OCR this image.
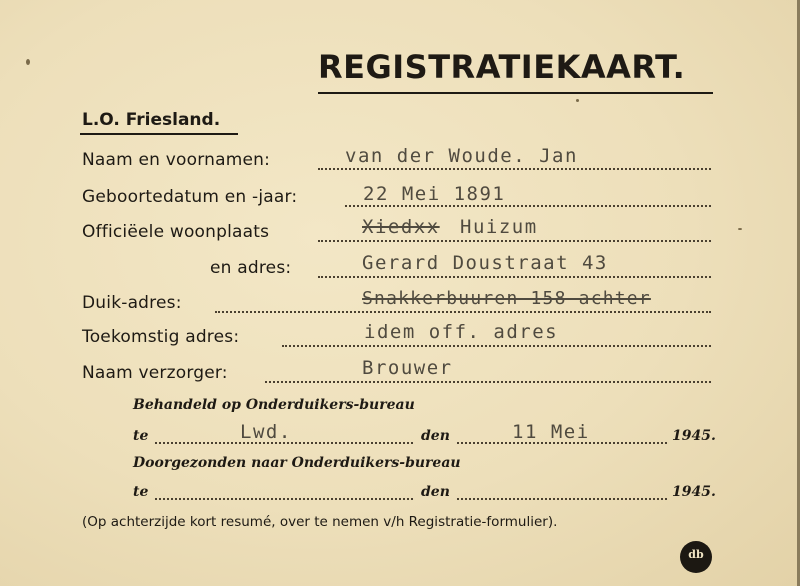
REGISTRATIEKAART.
L.O. Friesland.
Naam en voornamen:	van der Woude. Jan
Geboortedatum en -jaar:	22 Mei 1891
Officiëele woonplaats	Xiedxx Huizum
en adres:	Gerard Doustraat 43
Duik-adres:	Snakkerbuuren 158 achter
Toekomstig adres:	idem off. adres
Naam verzorger:	Brouwer
Behandeld op Onderduikers-bureau
te	Lwd.	den	11 Mei	1945.
Doorgezonden naar Onderduikers-bureau
te	den	1945.
(Op achterzijde kort resumé, over te nemen v/h Registratie-formulier).
db
